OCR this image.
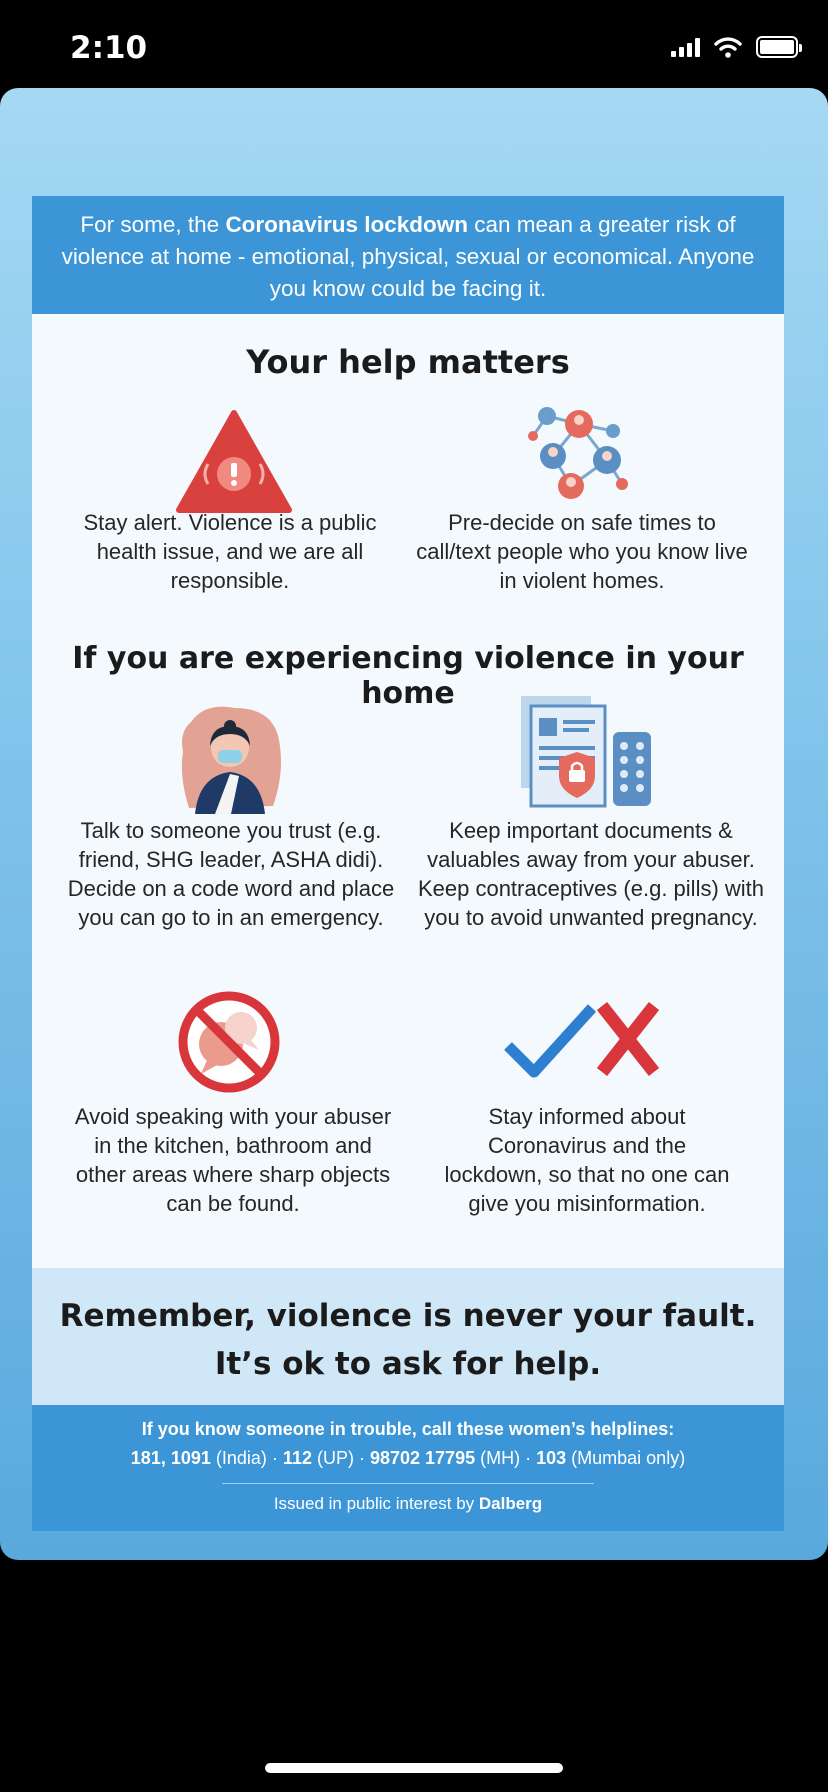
2:10
For some, the Coronavirus lockdown can mean a greater risk of violence at home - emotional, physical, sexual or economical. Anyone you know could be facing it.
Your help matters
Stay alert. Violence is a public health issue, and we are all responsible.
Pre-decide on safe times to call/text people who you know live in violent homes.
If you are experiencing violence in your home
Talk to someone you trust (e.g. friend, SHG leader, ASHA didi). Decide on a code word and place you can go to in an emergency.
Keep important documents & valuables away from your abuser. Keep contraceptives (e.g. pills) with you to avoid unwanted pregnancy.
Avoid speaking with your abuser in the kitchen, bathroom and other areas where sharp objects can be found.
Stay informed about Coronavirus and the lockdown, so that no one can give you misinformation.
Remember, violence is never your fault.
It’s ok to ask for help.
If you know someone in trouble, call these women’s helplines:
181, 1091 (India) · 112 (UP) · 98702 17795 (MH) · 103 (Mumbai only)
Issued in public interest by Dalberg
